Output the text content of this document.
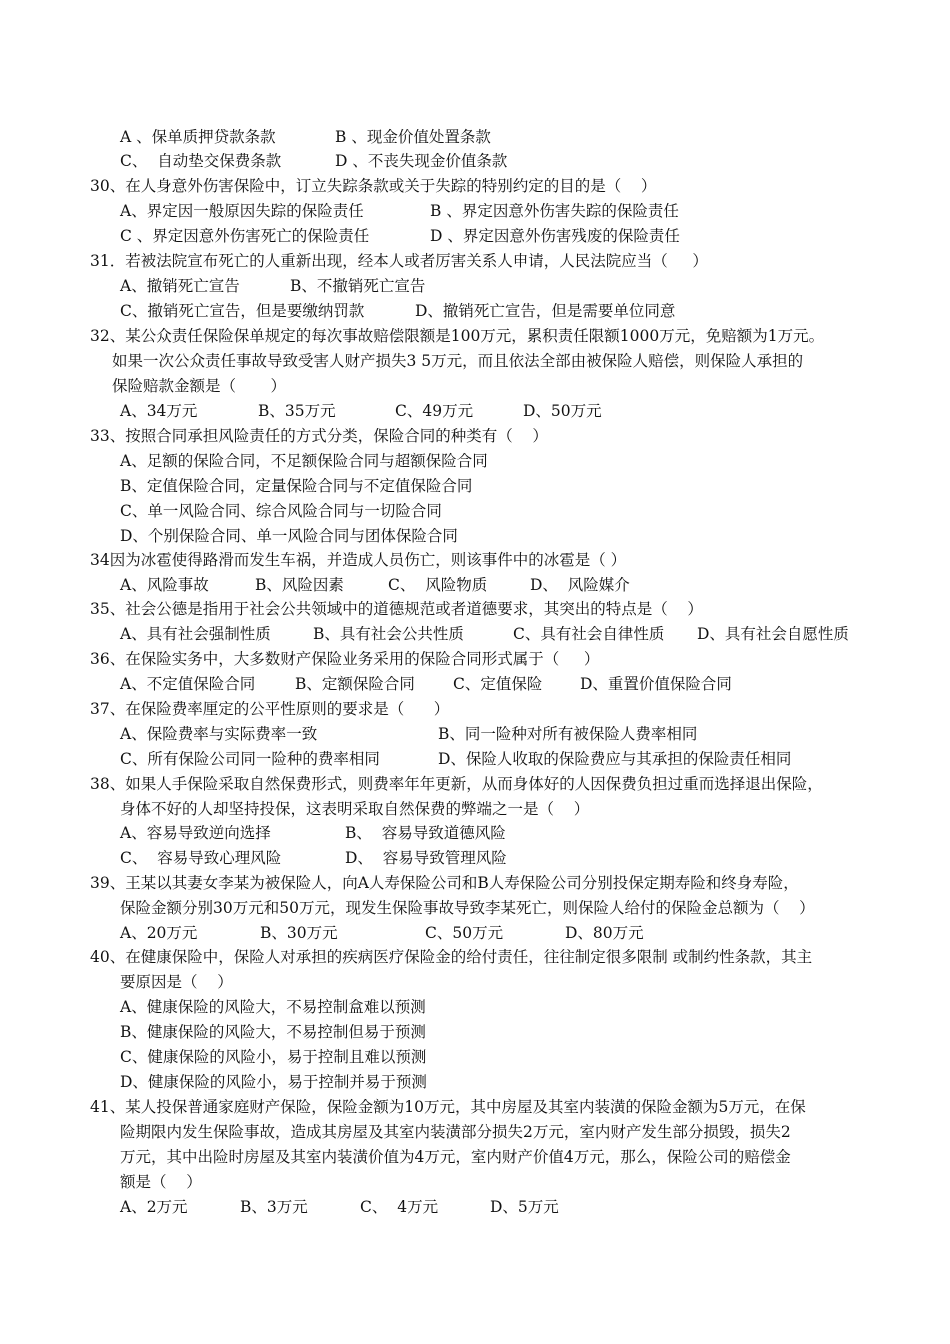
A 、保单质押贷款条款	B 、现金价值处置条款
C、  自动垫交保费条款	D 、不丧失现金价值条款
30、在人身意外伤害保险中，订立失踪条款或关于失踪的特别约定的目的是（    ）
A、界定因一般原因失踪的保险责任	B 、界定因意外伤害失踪的保险责任
C 、界定因意外伤害死亡的保险责任	D 、界定因意外伤害残废的保险责任
31．若被法院宣布死亡的人重新出现，经本人或者厉害关系人申请，人民法院应当（     ）
A、撤销死亡宣告	B、不撤销死亡宣告
C、撤销死亡宣告，但是要缴纳罚款	D、撤销死亡宣告，但是需要单位同意
32、某公众责任保险保单规定的每次事故赔偿限额是100万元，累积责任限额1000万元，免赔额为1万元。
如果一次公众责任事故导致受害人财产损失3 5万元，而且依法全部由被保险人赔偿，则保险人承担的
保险赔款金额是（       ）
A、34万元	B、35万元	C、49万元	D、50万元
33、按照合同承担风险责任的方式分类，保险合同的种类有（    ）
A、足额的保险合同，不足额保险合同与超额保险合同
B、定值保险合同，定量保险合同与不定值保险合同
C、单一风险合同、综合风险合同与一切险合同
D、个别保险合同、单一风险合同与团体保险合同
34因为冰雹使得路滑而发生车祸，并造成人员伤亡，则该事件中的冰雹是（ ）
A、风险事故	B、风险因素	C、  风险物质	D、  风险媒介
35、社会公德是指用于社会公共领域中的道德规范或者道德要求，其突出的特点是（    ）
A、具有社会强制性质	B、具有社会公共性质	C、具有社会自律性质 D、具有社会自愿性质
36、在保险实务中，大多数财产保险业务采用的保险合同形式属于（     ）
A、不定值保险合同	B、定额保险合同 C、定值保险 D、重置价值保险合同
37、在保险费率厘定的公平性原则的要求是（      ）
A、保险费率与实际费率一致	B、同一险种对所有被保险人费率相同
C、所有保险公司同一险种的费率相同	D、保险人收取的保险费应与其承担的保险责任相同
38、如果人手保险采取自然保费形式，则费率年年更新，从而身体好的人因保费负担过重而选择退出保险，
身体不好的人却坚持投保，这表明采取自然保费的弊端之一是（    ）
A、容易导致逆向选择	B、  容易导致道德风险
C、  容易导致心理风险	D、  容易导致管理风险
39、王某以其妻女李某为被保险人，向A人寿保险公司和B人寿保险公司分别投保定期寿险和终身寿险，
保险金额分别30万元和50万元，现发生保险事故导致李某死亡，则保险人给付的保险金总额为（    ）
A、20万元	B、30万元	C、50万元	D、80万元
40、在健康保险中，保险人对承担的疾病医疗保险金的给付责任，往往制定很多限制 或制约性条款，其主
要原因是（    ）
A、健康保险的风险大，不易控制盒难以预测
B、健康保险的风险大，不易控制但易于预测
C、健康保险的风险小，易于控制且难以预测
D、健康保险的风险小，易于控制并易于预测
41、某人投保普通家庭财产保险，保险金额为10万元，其中房屋及其室内装潢的保险金额为5万元，在保
险期限内发生保险事故，造成其房屋及其室内装潢部分损失2万元，室内财产发生部分损毁，损失2
万元，其中出险时房屋及其室内装潢价值为4万元，室内财产价值4万元，那么，保险公司的赔偿金
额是（    ）
A、2万元	B、3万元	C、  4万元	D、5万元
